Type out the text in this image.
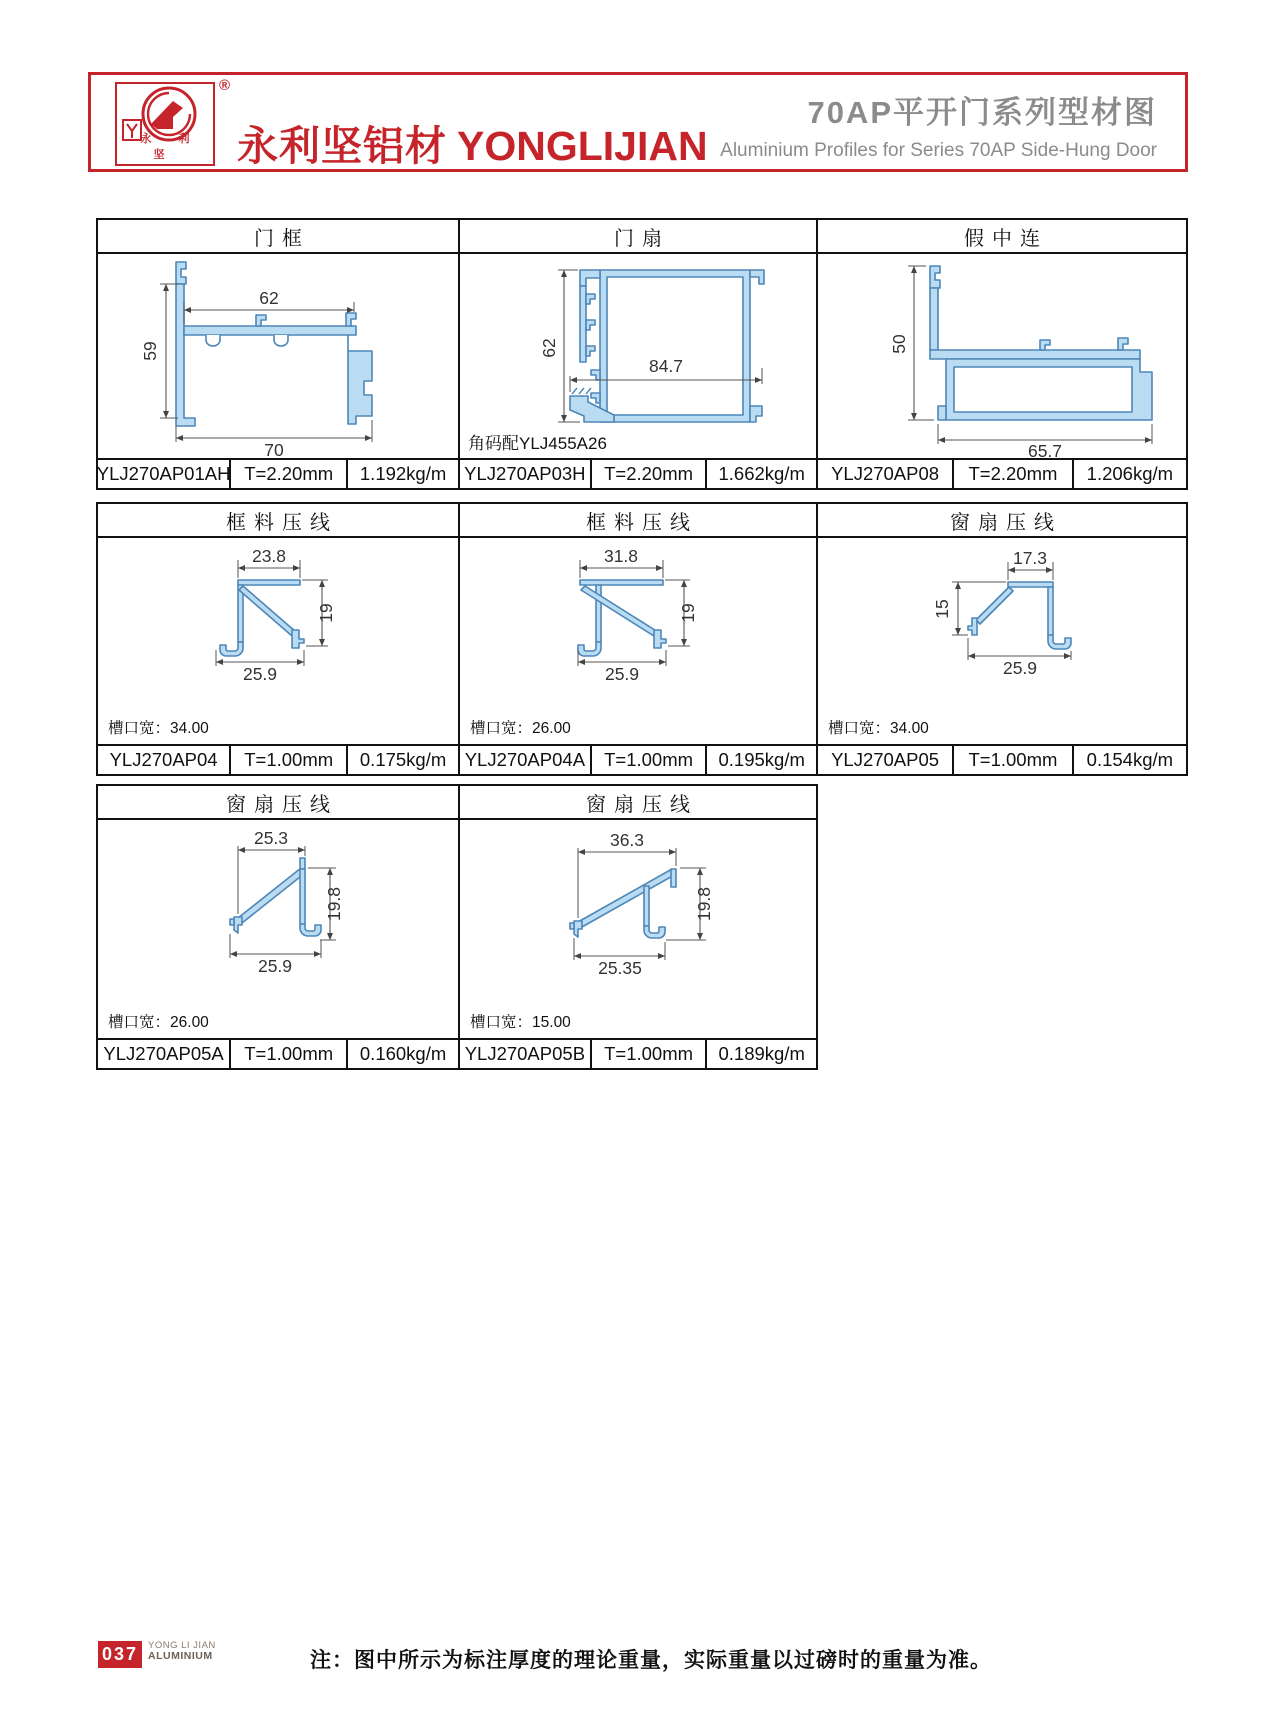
永 利 坚
®
永利坚铝材 YONGLIJIAN
70AP平开门系列型材图
Aluminium Profiles for Series 70AP Side-Hung Door
门框
62
59
70
YLJ270AP01AH T=2.20mm	1.192kg/m
门扇
62
84.7
角码配YLJ455A26
YLJ270AP03H	T=2.20mm	1.662kg/m
假中连
50
65.7
YLJ270AP08	T=2.20mm	1.206kg/m
框料压线
23.8
19
25.9
槽口宽：34.00
YLJ270AP04	T=1.00mm	0.175kg/m
框料压线
31.8
19
25.9
槽口宽：26.00
YLJ270AP04A	T=1.00mm	0.195kg/m
窗扇压线
17.3
15
25.9
槽口宽：34.00
YLJ270AP05	T=1.00mm	0.154kg/m
窗扇压线
25.3
19.8
25.9
槽口宽：26.00
YLJ270AP05A	T=1.00mm	0.160kg/m
窗扇压线
36.3
19.8
25.35
槽口宽：15.00
YLJ270AP05B	T=1.00mm	0.189kg/m
037	YONG LI JIAN
ALUMINIUM	注：图中所示为标注厚度的理论重量，实际重量以过磅时的重量为准。
